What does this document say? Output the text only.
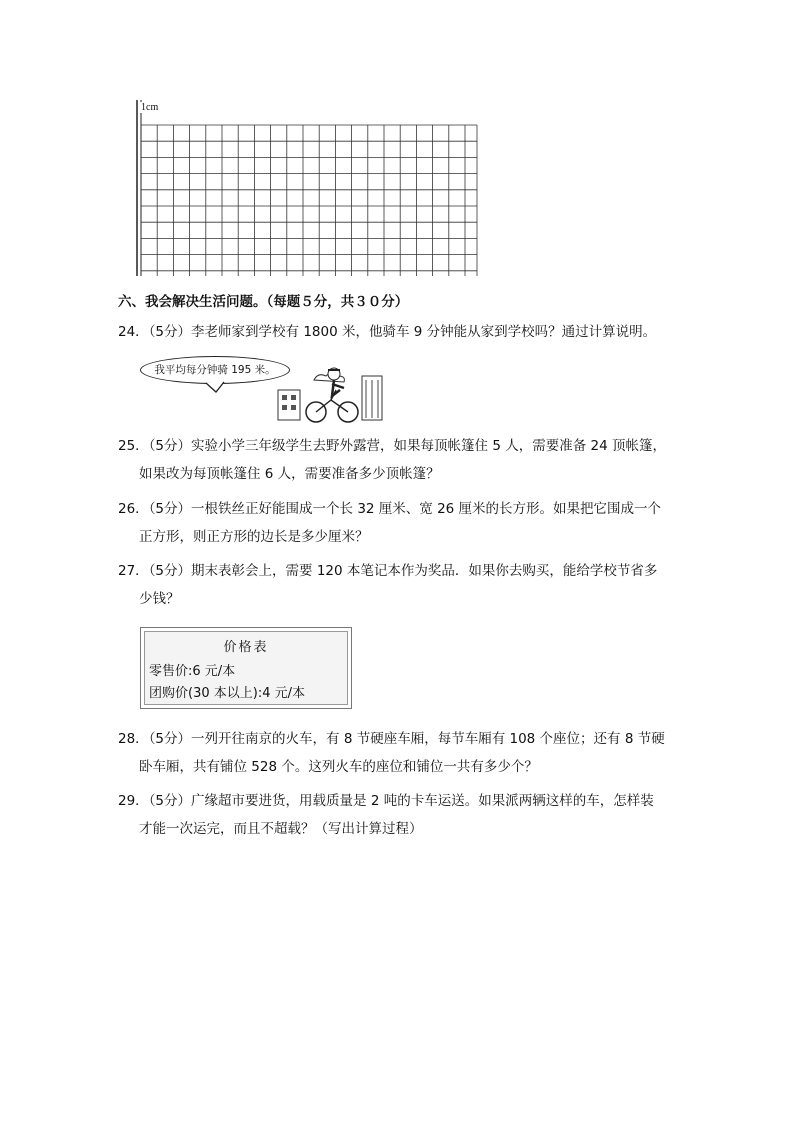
1cm
六、我会解决生活问题。（每题５分，共３０分）
24．（5分）李老师家到学校有 1800 米，他骑车 9 分钟能从家到学校吗？通过计算说明。
我平均每分钟骑 195 米。
25．（5分）实验小学三年级学生去野外露营，如果每顶帐篷住 5 人，需要准备 24 顶帐篷，
如果改为每顶帐篷住 6 人，需要准备多少顶帐篷？
26．（5分）一根铁丝正好能围成一个长 32 厘米、宽 26 厘米的长方形。如果把它围成一个
正方形，则正方形的边长是多少厘米？
27．（5分）期末表彰会上，需要 120 本笔记本作为奖品．如果你去购买，能给学校节省多
少钱？
价格表
零售价:6 元/本
团购价(30 本以上):4 元/本
28．（5分）一列开往南京的火车，有 8 节硬座车厢，每节车厢有 108 个座位；还有 8 节硬
卧车厢，共有铺位 528 个。这列火车的座位和铺位一共有多少个？
29．（5分）广缘超市要进货，用载质量是 2 吨的卡车运送。如果派两辆这样的车，怎样装
才能一次运完，而且不超载？（写出计算过程）
